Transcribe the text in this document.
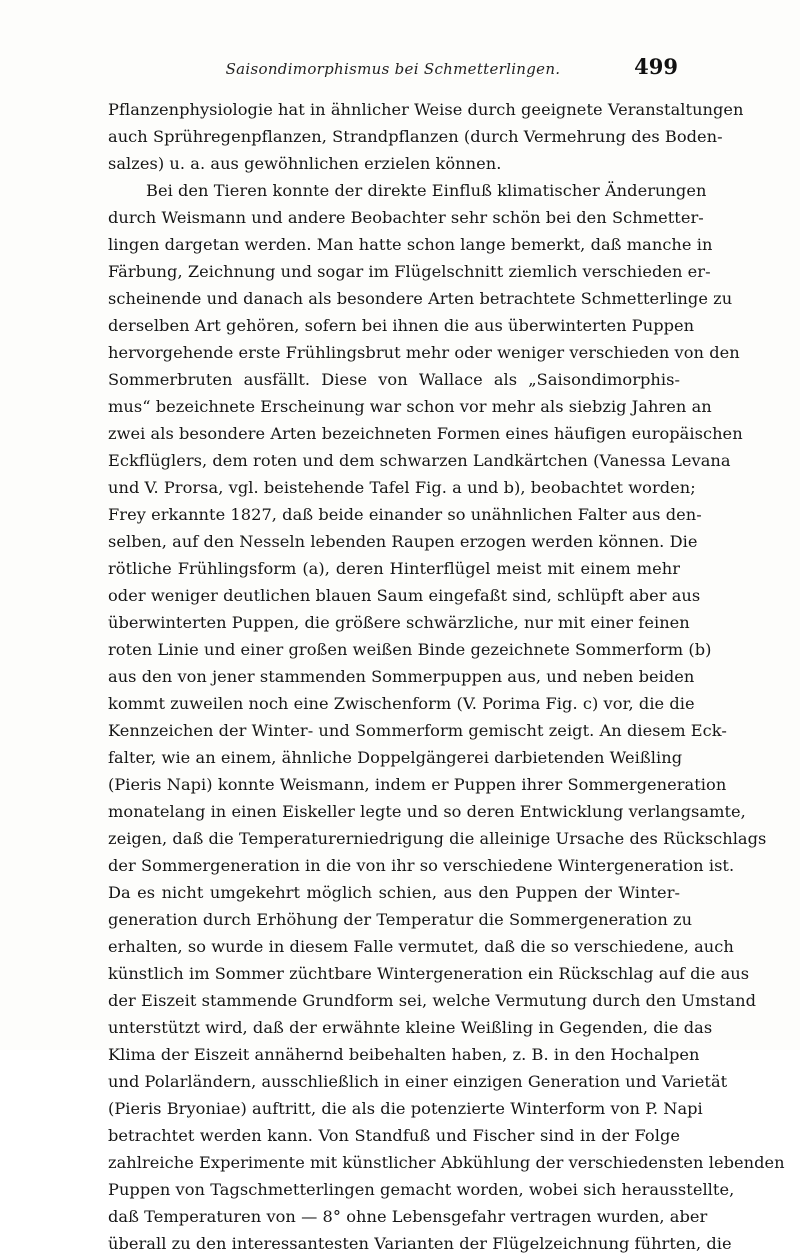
Saisondimorphismus bei Schmetterlingen.	499
Pflanzenphysiologie hat in ähnlicher Weise durch geeignete Veranstaltungen
auch Sprühregenpflanzen, Strandpflanzen (durch Vermehrung des Boden-
salzes) u. a. aus gewöhnlichen erzielen können.
Bei den Tieren konnte der direkte Einfluß klimatischer Änderungen
durch Weismann und andere Beobachter sehr schön bei den Schmetter-
lingen dargetan werden. Man hatte schon lange bemerkt, daß manche in
Färbung, Zeichnung und sogar im Flügelschnitt ziemlich verschieden er-
scheinende und danach als besondere Arten betrachtete Schmetterlinge zu
derselben Art gehören, sofern bei ihnen die aus überwinterten Puppen
hervorgehende erste Frühlingsbrut mehr oder weniger verschieden von den
Sommerbruten ausfällt. Diese von Wallace als „Saisondimorphis-
mus“ bezeichnete Erscheinung war schon vor mehr als siebzig Jahren an
zwei als besondere Arten bezeichneten Formen eines häufigen europäischen
Eckflüglers, dem roten und dem schwarzen Landkärtchen (Vanessa Levana
und V. Prorsa, vgl. beistehende Tafel Fig. a und b), beobachtet worden;
Frey erkannte 1827, daß beide einander so unähnlichen Falter aus den-
selben, auf den Nesseln lebenden Raupen erzogen werden können. Die
rötliche Frühlingsform (a), deren Hinterflügel meist mit einem mehr
oder weniger deutlichen blauen Saum eingefaßt sind, schlüpft aber aus
überwinterten Puppen, die größere schwärzliche, nur mit einer feinen
roten Linie und einer großen weißen Binde gezeichnete Sommerform (b)
aus den von jener stammenden Sommerpuppen aus, und neben beiden
kommt zuweilen noch eine Zwischenform (V. Porima Fig. c) vor, die die
Kennzeichen der Winter- und Sommerform gemischt zeigt. An diesem Eck-
falter, wie an einem, ähnliche Doppelgängerei darbietenden Weißling
(Pieris Napi) konnte Weismann, indem er Puppen ihrer Sommergeneration
monatelang in einen Eiskeller legte und so deren Entwicklung verlangsamte,
zeigen, daß die Temperaturerniedrigung die alleinige Ursache des Rückschlags
der Sommergeneration in die von ihr so verschiedene Wintergeneration ist.
Da es nicht umgekehrt möglich schien, aus den Puppen der Winter-
generation durch Erhöhung der Temperatur die Sommergeneration zu
erhalten, so wurde in diesem Falle vermutet, daß die so verschiedene, auch
künstlich im Sommer züchtbare Wintergeneration ein Rückschlag auf die aus
der Eiszeit stammende Grundform sei, welche Vermutung durch den Umstand
unterstützt wird, daß der erwähnte kleine Weißling in Gegenden, die das
Klima der Eiszeit annähernd beibehalten haben, z. B. in den Hochalpen
und Polarländern, ausschließlich in einer einzigen Generation und Varietät
(Pieris Bryoniae) auftritt, die als die potenzierte Winterform von P. Napi
betrachtet werden kann. Von Standfuß und Fischer sind in der Folge
zahlreiche Experimente mit künstlicher Abkühlung der verschiedensten lebenden
Puppen von Tagschmetterlingen gemacht worden, wobei sich herausstellte,
daß Temperaturen von — 8° ohne Lebensgefahr vertragen wurden, aber
überall zu den interessantesten Varianten der Flügelzeichnung führten, die
